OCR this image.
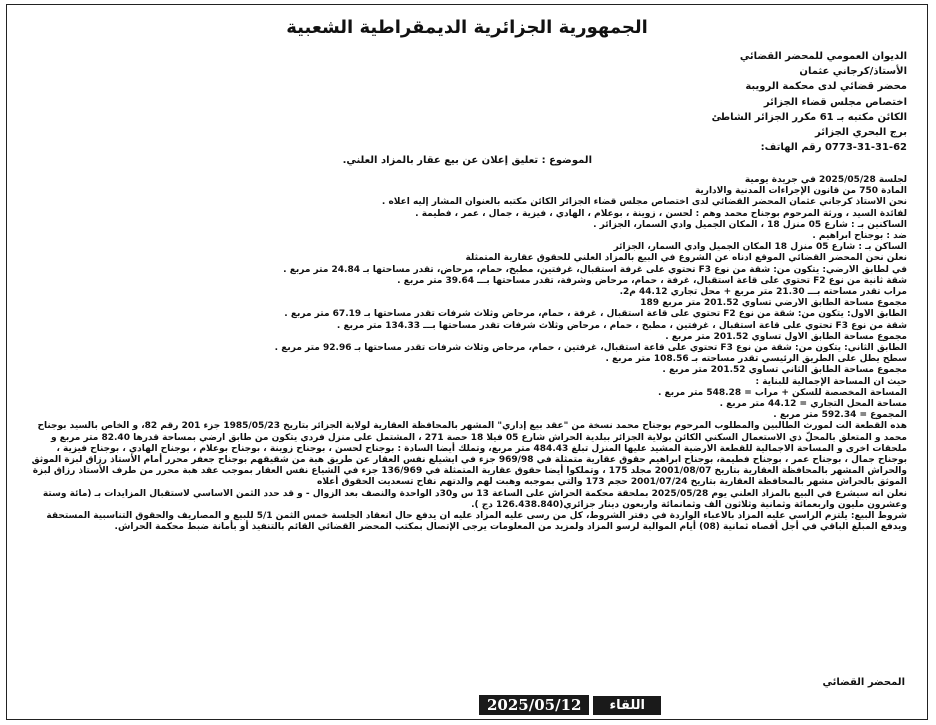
الجمهورية الجزائرية الديمقراطية الشعبية
الديوان العمومي للمحضر القضائي
الأستاذ/كرجاني عثمان
محضر قضائي لدى محكمة الرويبة
اختصاص مجلس قضاء الجزائر
الكائن مكتبه بـ 61 مكرر الجزائر الشاطئ
برج البحري الجزائر
0773-31-31-62 رقم الهاتف:
الموضوع : تعليق إعلان عن بيع عقار بالمزاد العلني.
لجلسة 2025/05/28 في جريدة يومية
المادة 750 من قانون الإجراءات المدنية والادارية
نحن الأستاذ كرجاني عثمان المحضر القضائي لدى اختصاص مجلس قضاء الجزائر الكائن مكتبه بالعنوان المشار إليه أعلاه .
لفائدة السيد ، ورثة المرحوم بوجناح محمد وهم : لحسن ، زوينة ، بوعلام ، الهادي ، فيزية ، جمال ، عمر ، فطيمة .
الساكنين بـ : شارع 05 منزل 18 ، المكان الجميل وادي السمار، الجزائر .
ضد : بوجناح ابراهيم .
الساكن بـ : شارع 05 منزل 18 المكان الجميل وادي السمار، الجزائر
نعلن نحن المحضر القضائي الموقع أدناه عن الشروع في البيع بالمزاد العلني للحقوق عقارية المتمثلة
في لطابق الأرضي: يتكون من: شقة من نوع F3 تحتوي على غرفة استقبال، غرفتين، مطبخ، حمام، مرحاض، تقدر مساحتها بـ 24.84 متر مربع .
شقة ثانية من نوع F2 تحتوي على قاعة استقبال، غرفة ، حمام، مرحاض وشرفة، تقدر مساحتها بـــ 39.64 متر مربع .
مرآب تقدر مساحته بـــ 21.30 متر مربع + محل تجاري 44.12 م2.
مجموع مساحة الطابق الأرضي تساوي 201.52 متر مربع 189
الطابق الأول: يتكون من: شقة من نوع F2 تحتوي على قاعة استقبال ، غرفة ، حمام، مرحاض وثلاث شرفات تقدر مساحتها بـ 67.19 متر مربع .
شقة من نوع F3 تحتوي على قاعة استقبال ، غرفتين ، مطبخ ، حمام ، مرحاض وثلاث شرفات تقدر مساحتها بـــ 134.33 متر مربع .
مجموع مساحة الطابق الأول تساوي 201.52 متر مربع .
الطابق الثاني: يتكون من: شقة من نوع F3 تحتوي على قاعة استقبال، غرفتين ، حمام، مرحاض وثلاث شرفات تقدر مساحتها بـ 92.96 متر مربع .
سطح يطل على الطريق الرئيسي تقدر مساحته بـ 108.56 متر مربع .
مجموع مساحة الطابق الثاني تساوي 201.52 متر مربع .
حيث ان المساحة الإجمالية للبناية :
المساحة المخصصة للسكن + مرآب = 548.28 متر مربع .
مساحة المحل التجاري = 44.12 متر مربع .
المجموع = 592.34 متر مربع .
هذه القطعة آلت لمورث الطالبين والمطلوب المرحوم بوجناح محمد نسخة من "عقد بيع إداري" المشهر بالمحافظة العقارية لولاية الجزائر بتاريخ 1985/05/23 جزء 201 رقم 82، و الخاص بالسيد بوجناح محمد و المتعلق بالمحلّ ذي الاستعمال السكني الكائن بولاية الجزائر ببلدية الحراش شارع 05 فيلا 18 حصة 271 ، المشتمل على منزل فردي يتكون من طابق ارضي بمساحة قدرها 82.40 متر مربع و ملحقات اخرى و المساحة الاجمالية للقطعة الارضية المشيد عليها المنزل تبلغ 484.43 متر مربع، وتملك أيضا السادة : بوجناح لحسن ، بوجناح زوينة ، بوجناح بوعلام ، بوجناح الهادي ، بوجناح فيزية ، بوجناح جمال ، بوجناح عمر ، بوجناح فطيمة، بوجناح ابراهيم حقوق عقارية متمثلة في 969/98 جزء في ايشيلع نفس العقار عن طريق هبة من شقيقهم بوجناح جعفر محرر أمام الأستاذ رزاق لبزة الموثق والحراش المشهر بالمحافظة العقارية بتاريخ 2001/08/07 مجلد 175 ، وتملكوا أيضا حقوق عقارية المتمثلة في 136/969 جزء في الشياع نفس العقار بموجب عقد هبة محرر من طرف الأستاذ رزاق لبزة الموثق بالحراش مشهر بالمحافظة العقارية بتاريخ 2001/07/24 حجم 173 والتي بموجبه وهبت لهم والدتهم نفاح تسعديت الحقوق أعلاه
نعلن أنه سيشرع في البيع بالمزاد العلني يوم 2025/05/28 بملحقة محكمة الحراش على الساعة 13 س و30د الواحدة والنصف بعد الزوال - و قد حدد الثمن الأساسي لاستقبال المزايدات بـ (مائة وستة وعشرون مليون واربعمائة وثمانية وثلاثون الف وثمانمائة واربعون دينار جزائري(126.438.840 دج ).
شروط البيع: يلتزم الراسي عليه المزاد بالأعباء الواردة في دفتر الشروط، كل من رسى عليه المزاد عليه أن يدفع حال انعقاد الجلسة خمس الثمن 5/1 للبيع و المصاريف والحقوق التناسبية المستحقة ويدفع المبلغ الباقي في أجل أقصاه ثمانية (08) أيام الموالية لرسو المزاد ولمزيد من المعلومات يرجى الإتصال بمكتب المحضر القضائي القائم بالتنفيذ أو بأمانة ضبط محكمة الحراش.
المحضر القضائي
2025/05/12	اللقاء
